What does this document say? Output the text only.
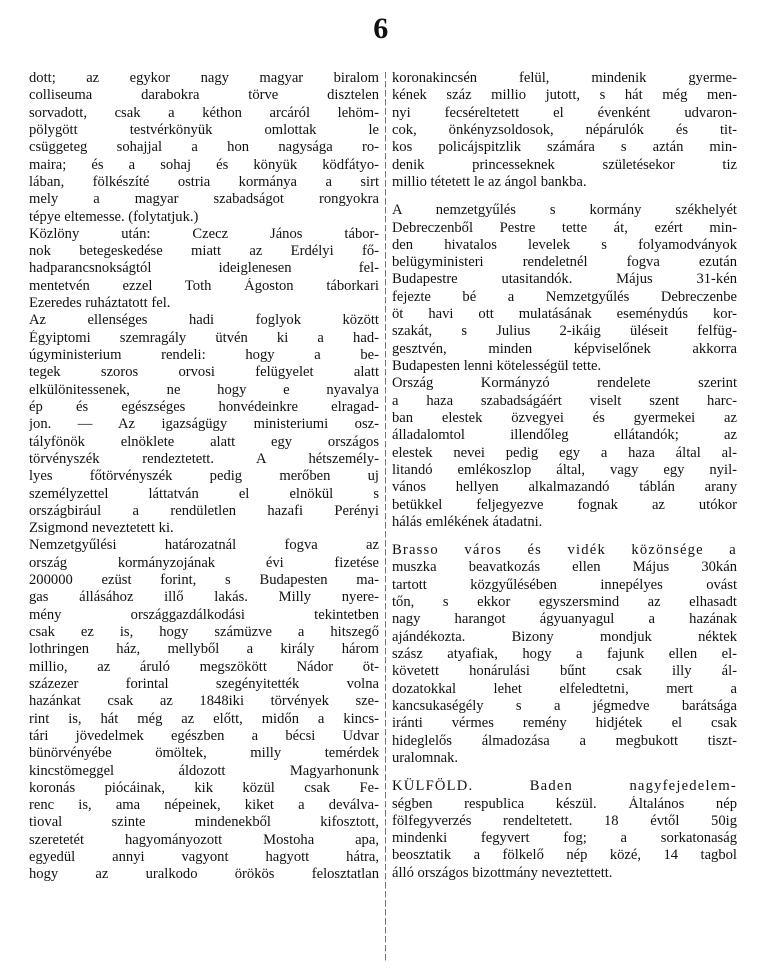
6
dott; az egykor nagy magyar biralom
colliseuma darabokra törve disztelen
sorvadott, csak a kéthon arcáról lehöm-
pölygött testvérkönyük omlottak le
csüggeteg sohajjal a hon nagysága ro-
maira; és a sohaj és könyük ködfátyo-
lában, fölkészíté ostria kormánya a sirt
mely a magyar szabadságot rongyokra
tépye eltemesse. (folytatjuk.)
Közlöny után: Czecz János tábor-
nok betegeskedése miatt az Erdélyi fő-
hadparancsnokságtól ideiglenesen fel-
mentetvén ezzel Toth Ágoston táborkari
Ezeredes ruháztatott fel.
Az ellenséges hadi foglyok között
Égyiptomi szemragály ütvén ki a had-
úgyministerium rendeli: hogy a be-
tegek szoros orvosi felügyelet alatt
elkülönitessenek, ne hogy e nyavalya
ép és egészséges honvédeinkre elragad-
jon. — Az igazságügy ministeriumi osz-
tályfönök elnöklete alatt egy országos
törvényszék rendeztetett. A hétszemély-
lyes főtörvényszék pedig merőben uj
személyzettel láttatván el elnökül s
országbirául a rendületlen hazafi Perényi
Zsigmond neveztetett ki.
Nemzetgyűlési határozatnál fogva az
ország kormányzojának évi fizetése
200000 ezüst forint, s Budapesten ma-
gas állásához illő lakás. Milly nyere-
mény országgazdálkodási tekintetben
csak ez is, hogy számüzve a hitszegő
lothringen ház, mellyből a király három
millio, az áruló megszökött Nádor öt-
százezer forintal szegényitették volna
hazánkat csak az 1848iki törvények sze-
rint is, hát még az előtt, midőn a kincs-
tári jövedelmek egészben a bécsi Udvar
bünörvényébe ömöltek, milly temérdek
kincstömeggel áldozott Magyarhonunk
koronás piócáinak, kik közül csak Fe-
renc is, ama népeinek, kiket a deválva-
tioval szinte mindenekből kifosztott,
szeretetét hagyományozott Mostoha apa,
egyedül annyi vagyont hagyott hátra,
hogy az uralkodo örökös felosztatlan
koronakincsén felül, mindenik gyerme-
kének száz millio jutott, s hát még men-
nyi fecséreltetett el évenként udvaron-
cok, önkényzsoldosok, népárulók és tit-
kos policájspitzlik számára s aztán min-
denik princesseknek születésekor tiz
millio tétetett le az ángol bankba.
A nemzetgyűlés s kormány székhelyét
Debreczenből Pestre tette át, ezért min-
den hivatalos levelek s folyamodványok
belügyministeri rendeletnél fogva ezután
Budapestre utasitandók. Május 31-kén
fejezte bé a Nemzetgyűlés Debreczenbe
öt havi ott mulatásának eseménydús kor-
szakát, s Julius 2-ikáig üléseit felfüg-
gesztvén, minden képviselőnek akkorra
Budapesten lenni kötelességül tette.
Ország Kormányzó rendelete szerint
a haza szabadságáért viselt szent harc-
ban elestek özvegyei és gyermekei az
álladalomtol illendőleg ellátandók; az
elestek nevei pedig egy a haza által al-
litandó emlékoszlop által, vagy egy nyil-
vános hellyen alkalmazandó táblán arany
betükkel feljegyezve fognak az utókor
hálás emlékének átadatni.
Brasso város és vidék közönsége a
muszka beavatkozás ellen Május 30kán
tartott közgyűlésében innepélyes ovást
tőn, s ekkor egyszersmind az elhasadt
nagy harangot ágyuanyagul a hazának
ajándékozta. Bizony mondjuk néktek
szász atyafiak, hogy a fajunk ellen el-
követett honárulási bűnt csak illy ál-
dozatokkal lehet elfeledtetni, mert a
kancsukaségély s a jégmedve barátsága
iránti vérmes remény hidjétek el csak
hideglelős álmadozása a megbukott tiszt-
uralomnak.
KÜLFÖLD. Baden nagyfejedelem-
ségben respublica készül. Általános nép
fölfegyverzés rendeltetett. 18 évtől 50ig
mindenki fegyvert fog; a sorkatonaság
beosztatik a fölkelő nép közé, 14 tagbol
álló országos bizottmány neveztettett.
